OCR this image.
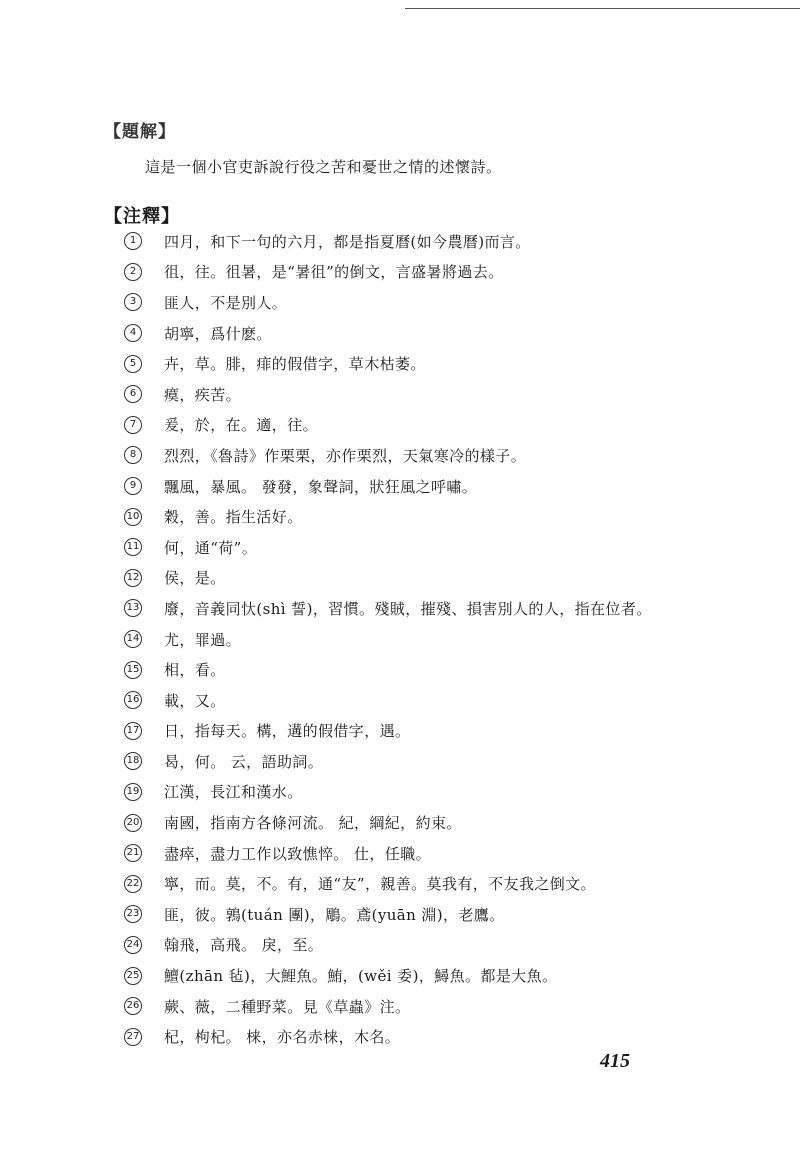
【題解】
這是一個小官吏訴說行役之苦和憂世之情的述懷詩。
【注釋】
1	四月，和下一句的六月，都是指夏曆(如今農曆)而言。
2	徂，往。徂暑，是“暑徂”的倒文，言盛暑將過去。
3	匪人，不是別人。
4	胡寧，爲什麽。
5	卉，草。腓，痱的假借字，草木枯萎。
6	瘼，疾苦。
7	爰，於，在。適，往。
8	烈烈，《魯詩》作栗栗，亦作栗烈，天氣寒冷的樣子。
9	飄風，暴風。 發發，象聲詞，狀狂風之呼嘯。
10 穀，善。指生活好。
11 何，通“荷”。
12 侯，是。
13 廢，音義同忕(shì 誓)，習慣。殘賊，摧殘、損害別人的人，指在位者。
14 尤，罪過。
15 相，看。
16 載，又。
17 日，指每天。構，遘的假借字，遇。
18 曷，何。 云，語助詞。
19 江漢，長江和漢水。
20 南國，指南方各條河流。 紀，綱紀，約束。
21 盡瘁，盡力工作以致憔悴。 仕，任職。
22 寧，而。莫，不。有，通“友”，親善。莫我有，不友我之倒文。
23 匪，彼。鶉(tuán 團)，鵰。鳶(yuān 淵)，老鷹。
24 翰飛，高飛。 戾，至。
25 鱣(zhān 毡)，大鯉魚。鮪，(wěi 委)，鱘魚。都是大魚。
26 蕨、薇，二種野菜。見《草蟲》注。
27 杞，枸杞。 梾，亦名赤梾，木名。
415
